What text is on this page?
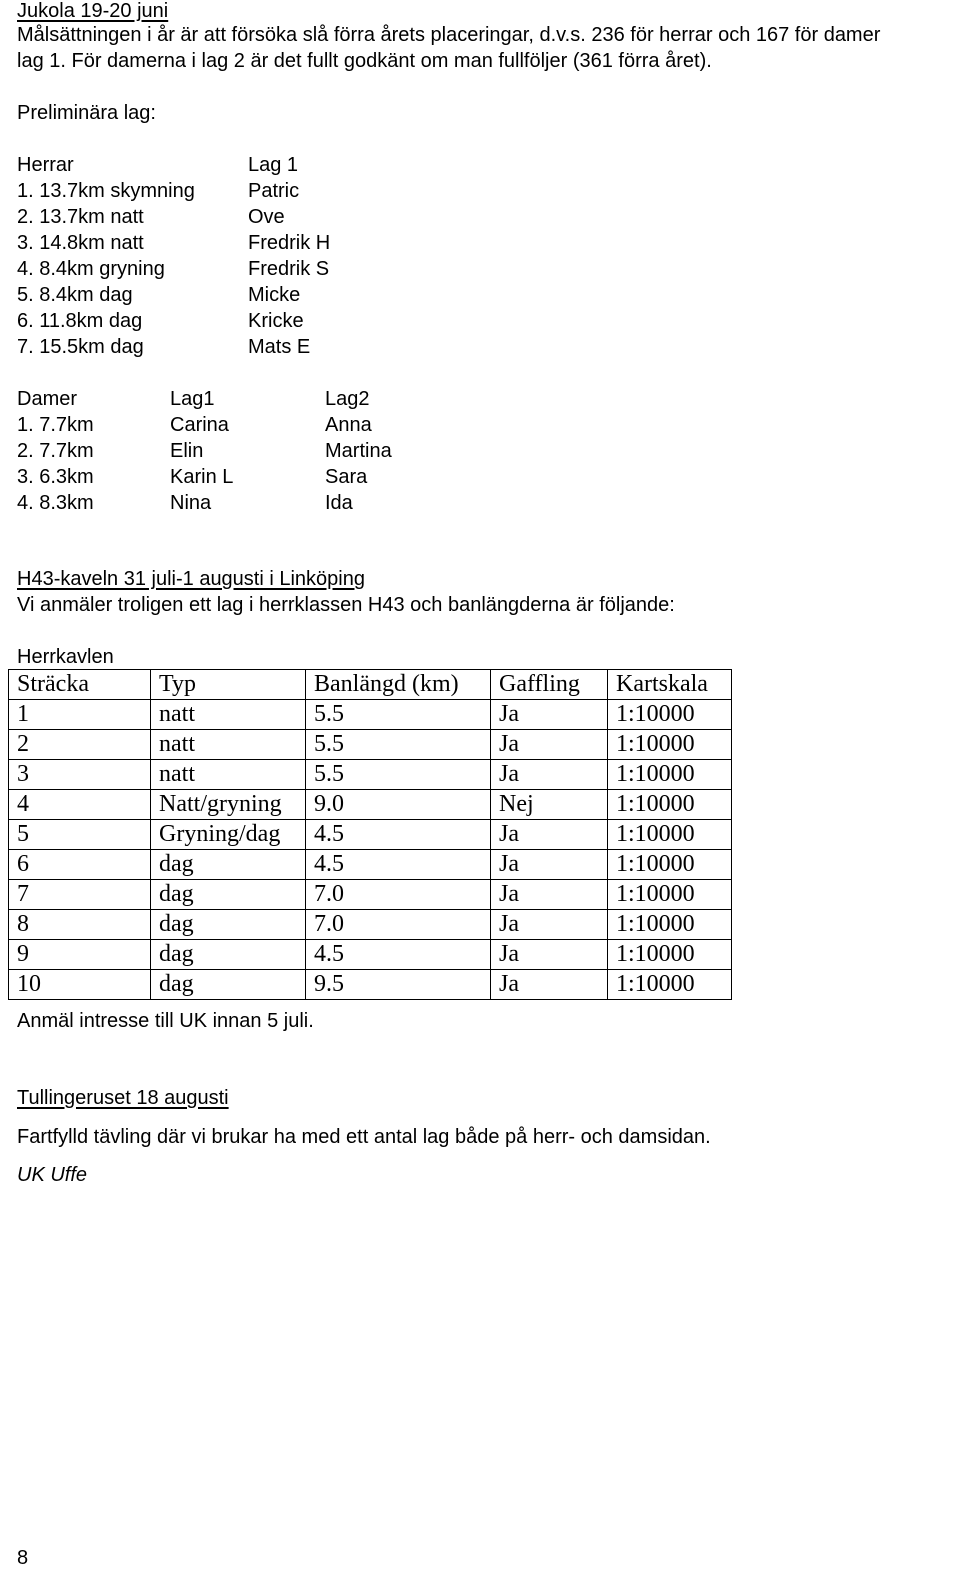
Jukola 19-20 juni
Målsättningen i år är att försöka slå förra årets placeringar, d.v.s. 236 för herrar och 167 för damer
lag 1. För damerna i lag 2 är det fullt godkänt om man fullföljer (361 förra året).
Preliminära lag:
Herrar	Lag 1
1. 13.7km skymning	Patric
2. 13.7km natt	Ove
3. 14.8km natt	Fredrik H
4. 8.4km gryning	Fredrik S
5. 8.4km dag	Micke
6. 11.8km dag	Kricke
7. 15.5km dag	Mats E
Damer	Lag1	Lag2
1. 7.7km	Carina	Anna
2. 7.7km	Elin	Martina
3. 6.3km	Karin L	Sara
4. 8.3km	Nina	Ida
H43-kaveln 31 juli-1 augusti i Linköping
Vi anmäler troligen ett lag i herrklassen H43 och banlängderna är följande:
Herrkavlen
Sträcka	Typ	Banlängd (km)	Gaffling	Kartskala
1	natt	5.5	Ja	1:10000
2	natt	5.5	Ja	1:10000
3	natt	5.5	Ja	1:10000
4	Natt/gryning	9.0	Nej	1:10000
5	Gryning/dag	4.5	Ja	1:10000
6	dag	4.5	Ja	1:10000
7	dag	7.0	Ja	1:10000
8	dag	7.0	Ja	1:10000
9	dag	4.5	Ja	1:10000
10	dag	9.5	Ja	1:10000
Anmäl intresse till UK innan 5 juli.
Tullingeruset 18 augusti
Fartfylld tävling där vi brukar ha med ett antal lag både på herr- och damsidan.
UK Uffe
8
